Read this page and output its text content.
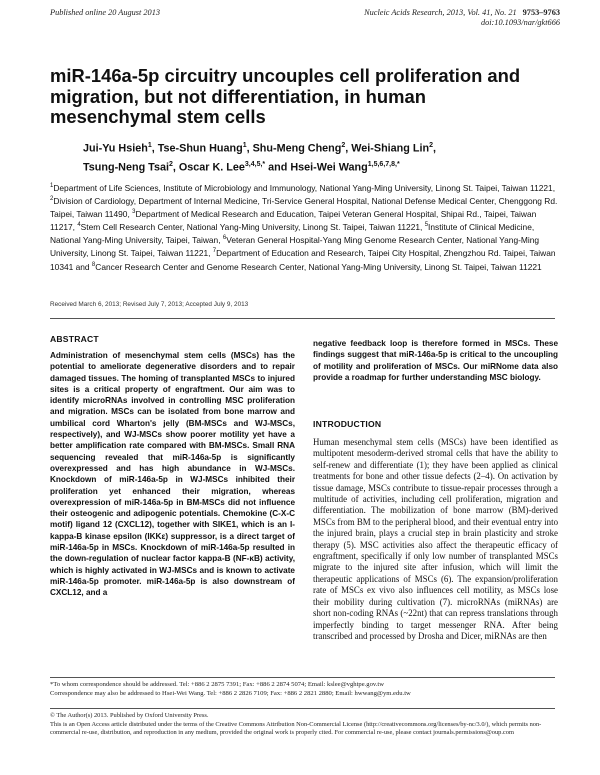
Published online 20 August 2013	Nucleic Acids Research, 2013, Vol. 41, No. 21 9753–9763
doi:10.1093/nar/gkt666
miR-146a-5p circuitry uncouples cell proliferation and migration, but not differentiation, in human mesenchymal stem cells
Jui-Yu Hsieh$^1$, Tse-Shun Huang$^1$, Shu-Meng Cheng$^2$, Wei-Shiang Lin$^2$,
Tsung-Neng Tsai$^2$, Oscar K. Lee$^{3,4,5,*}$ and Hsei-Wei Wang$^{1,5,6,7,8,*}$
$^1$Department of Life Sciences, Institute of Microbiology and Immunology, National Yang-Ming University, Linong St. Taipei, Taiwan 11221, $^2$Division of Cardiology, Department of Internal Medicine, Tri-Service General Hospital, National Defense Medical Center, Chenggong Rd. Taipei, Taiwan 11490, $^3$Department of Medical Research and Education, Taipei Veteran General Hospital, Shipai Rd., Taipei, Taiwan 11217, $^4$Stem Cell Research Center, National Yang-Ming University, Linong St. Taipei, Taiwan 11221, $^5$Institute of Clinical Medicine, National Yang-Ming University, Taipei, Taiwan, $^6$Veteran General Hospital-Yang Ming Genome Research Center, National Yang-Ming University, Linong St. Taipei, Taiwan 11221, $^7$Department of Education and Research, Taipei City Hospital, Zhengzhou Rd. Taipei, Taiwan 10341 and $^8$Cancer Research Center and Genome Research Center, National Yang-Ming University, Linong St. Taipei, Taiwan 11221
Received March 6, 2013; Revised July 7, 2013; Accepted July 9, 2013
ABSTRACT

Administration of mesenchymal stem cells (MSCs) has the potential to ameliorate degenerative disorders and to repair damaged tissues. The homing of transplanted MSCs to injured sites is a critical property of engraftment. Our aim was to identify microRNAs involved in controlling MSC proliferation and migration. MSCs can be isolated from bone marrow and umbilical cord Wharton's jelly (BM-MSCs and WJ-MSCs, respectively), and WJ-MSCs show poorer motility yet have a better amplification rate compared with BM-MSCs. Small RNA sequencing revealed that miR-146a-5p is significantly overexpressed and has high abundance in WJ-MSCs. Knockdown of miR-146a-5p in WJ-MSCs inhibited their proliferation yet enhanced their migration, whereas overexpression of miR-146a-5p in BM-MSCs did not influence their osteogenic and adipogenic potentials. Chemokine (C-X-C motif) ligand 12 (CXCL12), together with SIKE1, which is an I-kappa-B kinase epsilon (IKKε) suppressor, is a direct target of miR-146a-5p in MSCs. Knockdown of miR-146a-5p resulted in the down-regulation of nuclear factor kappa-B (NF-κB) activity, which is highly activated in WJ-MSCs and is known to activate miR-146a-5p promoter. miR-146a-5p is also downstream of CXCL12, and a

negative feedback loop is therefore formed in MSCs. These findings suggest that miR-146a-5p is critical to the uncoupling of motility and proliferation of MSCs. Our miRNome data also provide a roadmap for further understanding MSC biology.

INTRODUCTION

Human mesenchymal stem cells (MSCs) have been identified as multipotent mesoderm-derived stromal cells that have the ability to self-renew and differentiate (1); they have been applied as clinical treatments for bone and other tissue defects (2–4). On activation by tissue damage, MSCs contribute to tissue-repair processes through a multitude of activities, including cell proliferation, migration and differentiation. The mobilization of bone marrow (BM)-derived MSCs from BM to the peripheral blood, and their eventual entry into the injured brain, plays a crucial step in brain plasticity and stroke therapy (5). MSC activities also affect the therapeutic efficacy of engraftment, specifically if only low number of transplanted MSCs migrate to the injured site after infusion, which will limit the therapeutic applications of MSCs (6). The expansion/proliferation rate of MSCs ex vivo also influences cell motility, as MSCs lose their mobility during cultivation (7). microRNAs (miRNAs) are short non-coding RNAs (~22nt) that can repress translations through imperfectly binding to target messenger RNA. After being transcribed and processed by Drosha and Dicer, miRNAs are then

*To whom correspondence should be addressed. Tel: +886 2 2875 7391; Fax: +886 2 2874 5074; Email: kslee@vghtpe.gov.tw

Correspondence may also be addressed to Hsei-Wei Wang. Tel: +886 2 2826 7109; Fax: +886 2 2821 2880; Email: hwwang@ym.edu.tw

© The Author(s) 2013. Published by Oxford University Press.

This is an Open Access article distributed under the terms of the Creative Commons Attribution Non-Commercial License (http://creativecommons.org/licenses/by-nc/3.0/), which permits non-commercial re-use, distribution, and reproduction in any medium, provided the original work is properly cited. For commercial re-use, please contact journals.permissions@oup.com
